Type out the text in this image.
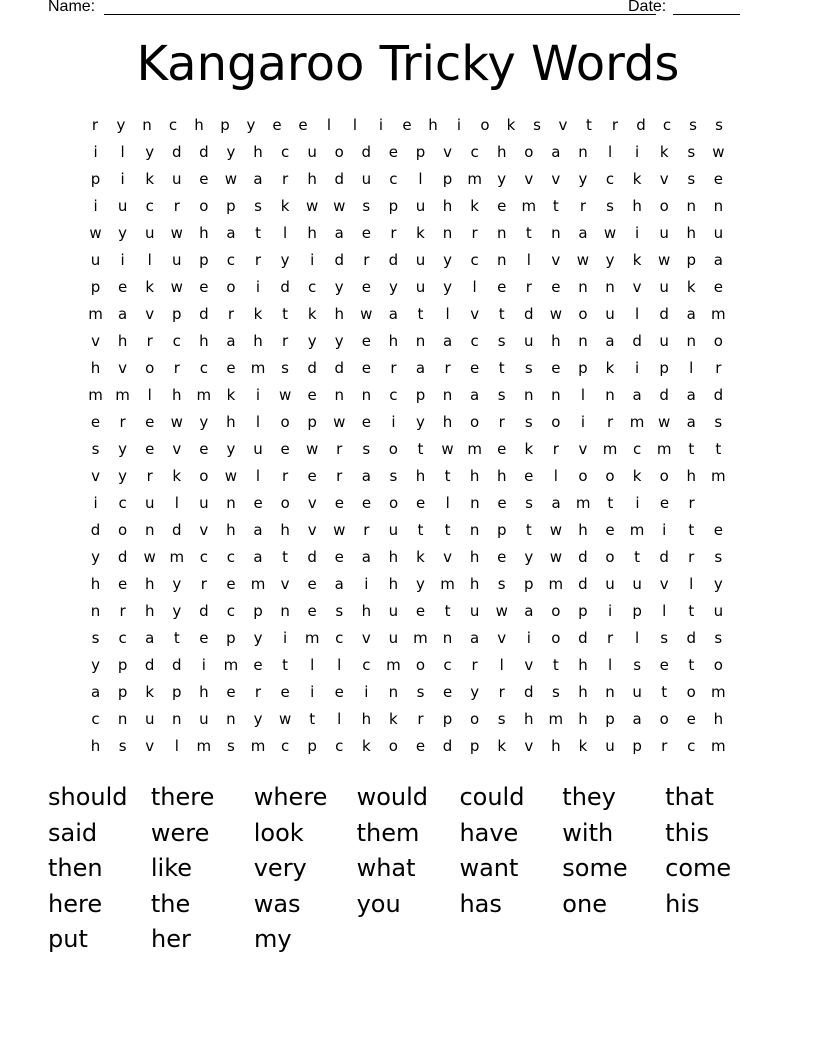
Name:	Date:
Kangaroo Tricky Words
r	y	n	c	h	p	y	e	e	l	l	i	e	h	i	o	k	s	v	t	r	d	c	s	s
i	l	y	d	d	y	h	c	u	o	d	e	p	v	c	h	o	a	n	l	i	k	s	w
p	i	k	u	e	w	a	r	h	d	u	c	l	p	m	y	v	v	y	c	k	v	s	e
i	u	c	r	o	p	s	k	w w	s	p	u	h	k	e	m	t	r	s	h	o	n	n
w	y	u	w	h	a	t	l	h	a	e	r	k	n	r	n	t	n	a	w	i	u	h	u
u	i	l	u	p	c	r	y	i	d	r	d	u	y	c	n	l	v	w	y	k	w	p	a
p	e	k	w	e	o	i	d	c	y	e	y	u	y	l	e	r	e	n	n	v	u	k	e
m	a	v	p	d	r	k	t	k	h	w	a	t	l	v	t	d	w	o	u	l	d	a	m
v	h	r	c	h	a	h	r	y	y	e	h	n	a	c	s	u	h	n	a	d	u	n	o
h	v	o	r	c	e	m	s	d	d	e	r	a	r	e	t	s	e	p	k	i	p	l	r
m m	l	h	m	k	i	w	e	n	n	c	p	n	a	s	n	n	l	n	a	d	a	d
e	r	e	w	y	h	l	o	p	w	e	i	y	h	o	r	s	o	i	r	m w	a	s
s	y	e	v	e	y	u	e	w	r	s	o	t	w m	e	k	r	v	m	c	m	t	t
v	y	r	k	o	w	l	r	e	r	a	s	h	t	h	h	e	l	o	o	k	o	h	m
i	c	u	l	u	n	e	o	v	e	e	o	e	l	n	e	s	a	m	t	i	e	r
d	o	n	d	v	h	a	h	v	w	r	u	t	t	n	p	t	w	h	e	m	i	t	e
y	d	w m	c	c	a	t	d	e	a	h	k	v	h	e	y	w	d	o	t	d	r	s
h	e	h	y	r	e	m	v	e	a	i	h	y	m	h	s	p	m	d	u	u	v	l	y
n	r	h	y	d	c	p	n	e	s	h	u	e	t	u	w	a	o	p	i	p	l	t	u
s	c	a	t	e	p	y	i	m	c	v	u	m	n	a	v	i	o	d	r	l	s	d	s
y	p	d	d	i	m	e	t	l	l	c	m	o	c	r	l	v	t	h	l	s	e	t	o
a	p	k	p	h	e	r	e	i	e	i	n	s	e	y	r	d	s	h	n	u	t	o	m
c	n	u	n	u	n	y	w	t	l	h	k	r	p	o	s	h	m	h	p	a	o	e	h
h	s	v	l	m	s	m	c	p	c	k	o	e	d	p	k	v	h	k	u	p	r	c	m
should there	where	would	could	they	that
said	were	look	them	have	with	this
then	like	very	what	want	some	come
here	the	was	you	has	one	his
put	her	my
